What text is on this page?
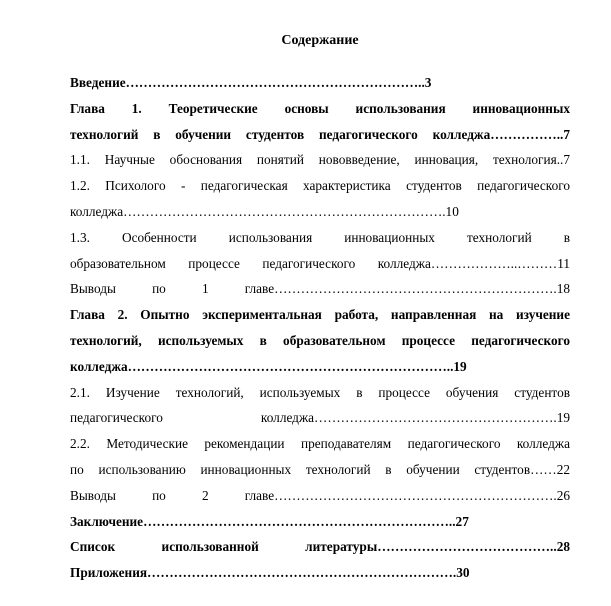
Содержание
Введение…………………………………………………………..3
Глава 1. Теоретические основы использования инновационных
технологий в обучении студентов педагогического колледжа……………..7
1.1. Научные обоснования понятий нововведение, инновация, технология..7
1.2. Психолого - педагогическая характеристика студентов педагогического
колледжа……………………………………………………………….10
1.3. Особенности использования инновационных технологий в
образовательном процессе педагогического колледжа………………..………11
Выводы по 1 главе……………………………………………………….18
Глава 2. Опытно экспериментальная работа, направленная на изучение
технологий, используемых в образовательном процессе педагогического
колледжа………………………………………………………………..19
2.1. Изучение технологий, используемых в процессе обучения студентов
педагогического колледжа……………………………………………….19
2.2. Методические рекомендации преподавателям педагогического колледжа
по использованию инновационных технологий в обучении студентов……22
Выводы по 2 главе……………………………………………………….26
Заключение……………………………………………………………..27
Список использованной литературы…………………………………..28
Приложения…………………………………………………………….30
